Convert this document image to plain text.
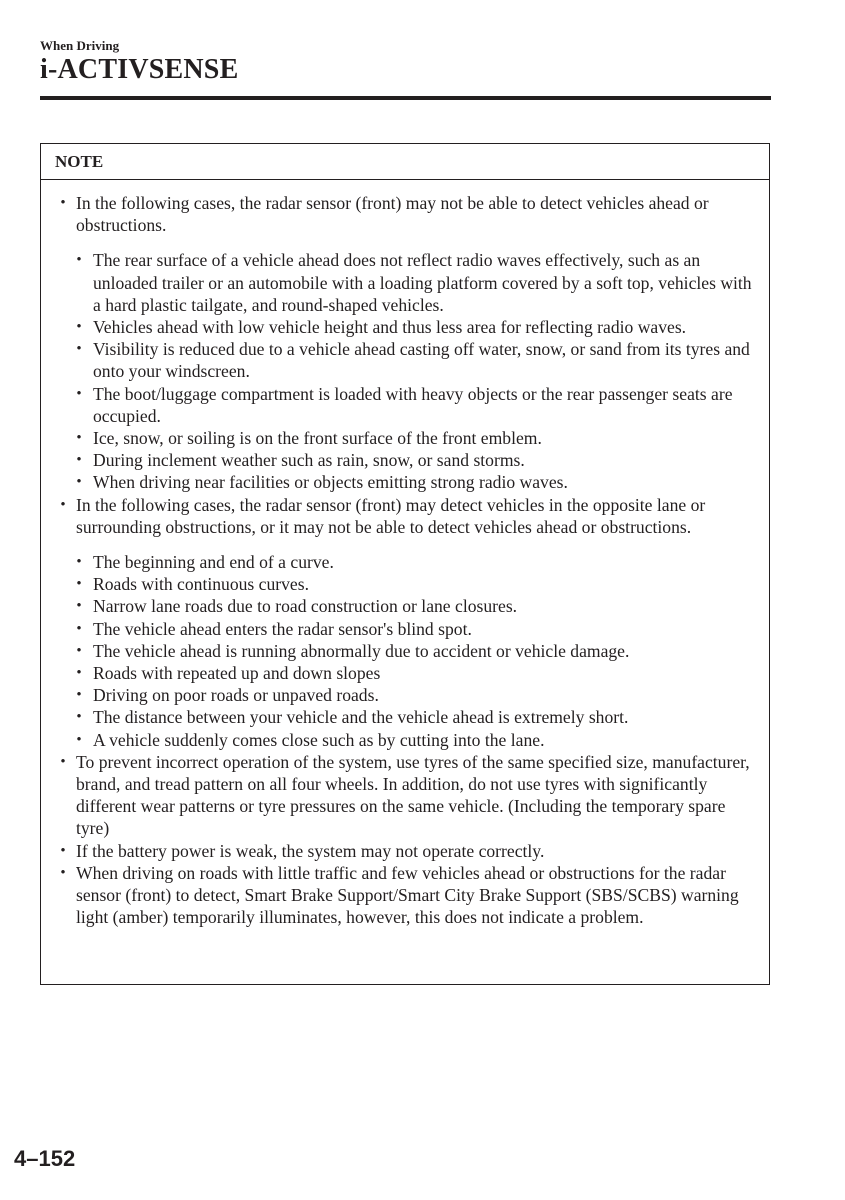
When Driving
i-ACTIVSENSE
NOTE
• In the following cases, the radar sensor (front) may not be able to detect vehicles ahead or obstructions.
• The rear surface of a vehicle ahead does not reflect radio waves effectively, such as an unloaded trailer or an automobile with a loading platform covered by a soft top, vehicles with a hard plastic tailgate, and round-shaped vehicles.
• Vehicles ahead with low vehicle height and thus less area for reflecting radio waves.
• Visibility is reduced due to a vehicle ahead casting off water, snow, or sand from its tyres and onto your windscreen.
• The boot/luggage compartment is loaded with heavy objects or the rear passenger seats are occupied.
• Ice, snow, or soiling is on the front surface of the front emblem.
• During inclement weather such as rain, snow, or sand storms.
• When driving near facilities or objects emitting strong radio waves.
• In the following cases, the radar sensor (front) may detect vehicles in the opposite lane or surrounding obstructions, or it may not be able to detect vehicles ahead or obstructions.
• The beginning and end of a curve.
• Roads with continuous curves.
• Narrow lane roads due to road construction or lane closures.
• The vehicle ahead enters the radar sensor's blind spot.
• The vehicle ahead is running abnormally due to accident or vehicle damage.
• Roads with repeated up and down slopes
• Driving on poor roads or unpaved roads.
• The distance between your vehicle and the vehicle ahead is extremely short.
• A vehicle suddenly comes close such as by cutting into the lane.
• To prevent incorrect operation of the system, use tyres of the same specified size, manufacturer, brand, and tread pattern on all four wheels. In addition, do not use tyres with significantly different wear patterns or tyre pressures on the same vehicle. (Including the temporary spare tyre)
• If the battery power is weak, the system may not operate correctly.
• When driving on roads with little traffic and few vehicles ahead or obstructions for the radar sensor (front) to detect, Smart Brake Support/Smart City Brake Support (SBS/SCBS) warning light (amber) temporarily illuminates, however, this does not indicate a problem.
4–152
